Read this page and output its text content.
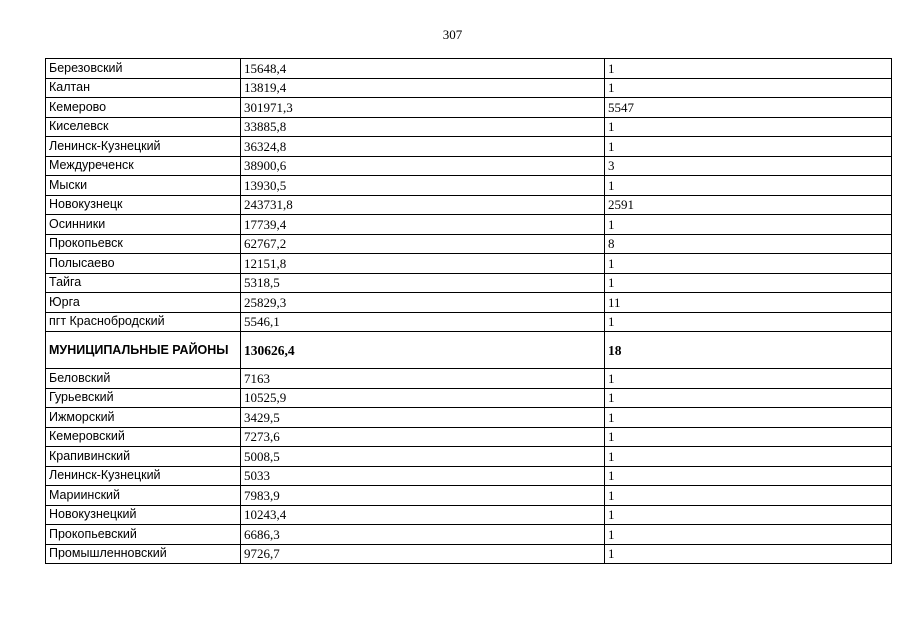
307
Березовский	15648,4	1
Калтан	13819,4	1
Кемерово	301971,3	5547
Киселевск	33885,8	1
Ленинск-Кузнецкий	36324,8	1
Междуреченск	38900,6	3
Мыски	13930,5	1
Новокузнецк	243731,8	2591
Осинники	17739,4	1
Прокопьевск	62767,2	8
Полысаево	12151,8	1
Тайга	5318,5	1
Юрга	25829,3	11
пгт Краснобродский	5546,1	1
МУНИЦИПАЛЬНЫЕ РАЙОНЫ	130626,4	18
Беловский	7163	1
Гурьевский	10525,9	1
Ижморский	3429,5	1
Кемеровский	7273,6	1
Крапивинский	5008,5	1
Ленинск-Кузнецкий	5033	1
Мариинский	7983,9	1
Новокузнецкий	10243,4	1
Прокопьевский	6686,3	1
Промышленновский	9726,7	1
